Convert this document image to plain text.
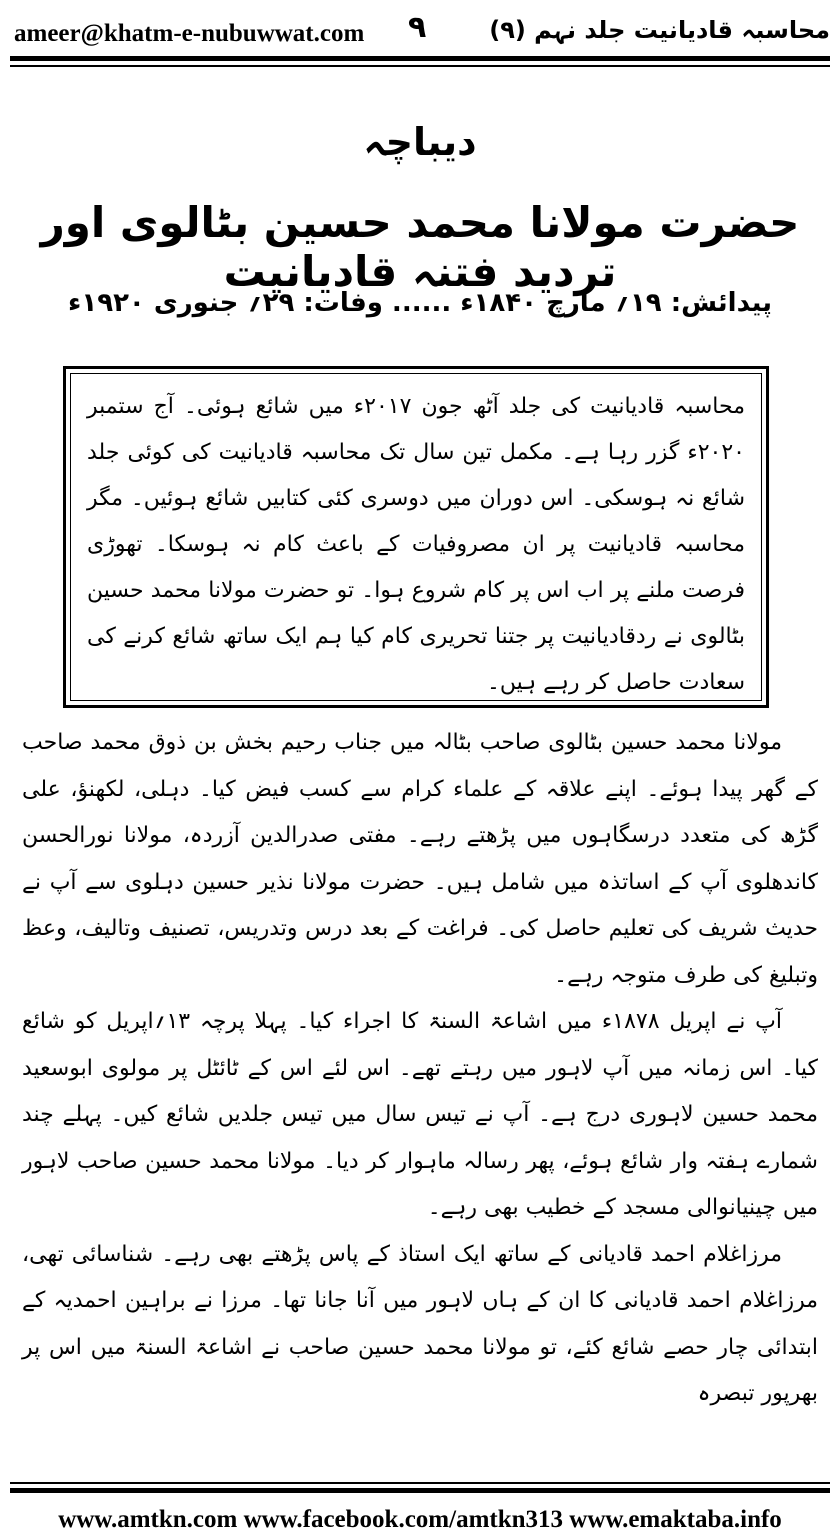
ameer@khatm-e-nubuwwat.com ۹	محاسبہ قادیانیت جلد نہم (۹)
دیباچہ
حضرت مولانا محمد حسین بٹالوی اور تردید فتنہ قادیانیت
پیدائش: ۱۹؍ مارچ ۱۸۴۰ء ...... وفات: ۲۹؍ جنوری ۱۹۲۰ء
محاسبہ قادیانیت کی جلد آٹھ جون ۲۰۱۷ء میں شائع ہوئی۔ آج ستمبر ۲۰۲۰ء گزر رہا ہے۔ مکمل تین سال تک محاسبہ قادیانیت کی کوئی جلد شائع نہ ہوسکی۔ اس دوران میں دوسری کئی کتابیں شائع ہوئیں۔ مگر محاسبہ قادیانیت پر ان مصروفیات کے باعث کام نہ ہوسکا۔ تھوڑی فرصت ملنے پر اب اس پر کام شروع ہوا۔ تو حضرت مولانا محمد حسین بٹالوی نے ردقادیانیت پر جتنا تحریری کام کیا ہم ایک ساتھ شائع کرنے کی سعادت حاصل کر رہے ہیں۔

مولانا محمد حسین بٹالوی صاحب بٹالہ میں جناب رحیم بخش بن ذوق محمد صاحب کے گھر پیدا ہوئے۔ اپنے علاقہ کے علماء کرام سے کسب فیض کیا۔ دہلی، لکھنؤ، علی گڑھ کی متعدد درسگاہوں میں پڑھتے رہے۔ مفتی صدرالدین آزردہ، مولانا نورالحسن کاندھلوی آپ کے اساتذہ میں شامل ہیں۔ حضرت مولانا نذیر حسین دہلوی سے آپ نے حدیث شریف کی تعلیم حاصل کی۔ فراغت کے بعد درس وتدریس، تصنیف وتالیف، وعظ وتبلیغ کی طرف متوجہ رہے۔

آپ نے اپریل ۱۸۷۸ء میں اشاعۃ السنۃ کا اجراء کیا۔ پہلا پرچہ ۱۳؍اپریل کو شائع کیا۔ اس زمانہ میں آپ لاہور میں رہتے تھے۔ اس لئے اس کے ٹائٹل پر مولوی ابوسعید محمد حسین لاہوری درج ہے۔ آپ نے تیس سال میں تیس جلدیں شائع کیں۔ پہلے چند شمارے ہفتہ وار شائع ہوئے، پھر رسالہ ماہوار کر دیا۔ مولانا محمد حسین صاحب لاہور میں چینیانوالی مسجد کے خطیب بھی رہے۔

مرزاغلام احمد قادیانی کے ساتھ ایک استاذ کے پاس پڑھتے بھی رہے۔ شناسائی تھی، مرزاغلام احمد قادیانی کا ان کے ہاں لاہور میں آنا جانا تھا۔ مرزا نے براہین احمدیہ کے ابتدائی چار حصے شائع کئے، تو مولانا محمد حسین صاحب نے اشاعۃ السنۃ میں اس پر بھرپور تبصرہ

www.amtkn.com www.facebook.com/amtkn313 www.emaktaba.info
